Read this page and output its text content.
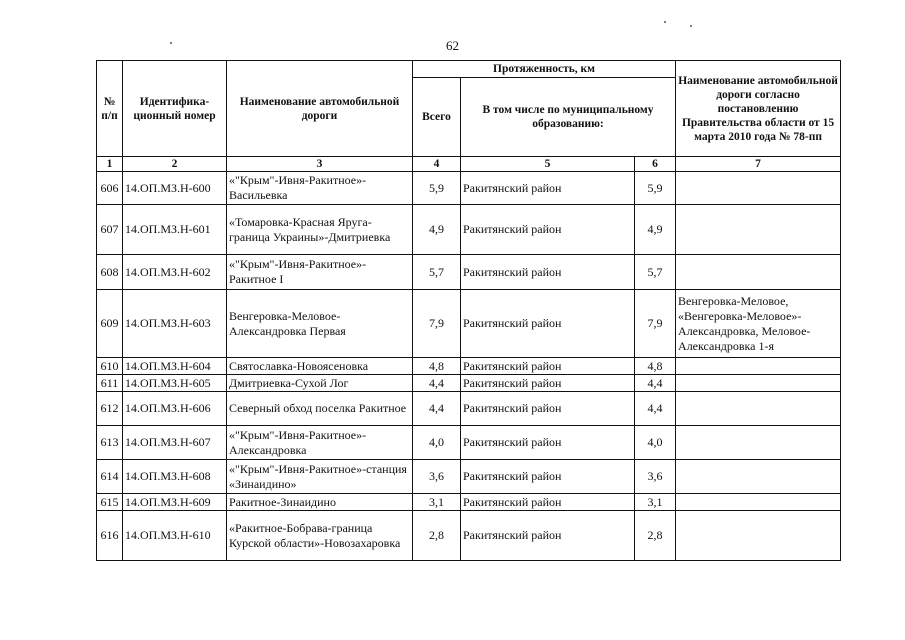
62
№ п/п	Идентифика-ционный номер	Наименование автомобильной дороги	Протяженность, км			Наименование автомобильной дороги согласно постановлению Правительства области от 15 марта 2010 года № 78-пп
			Всего	В том числе по муниципальному образованию:		
1	2	3	4	5	6	7
606	14.ОП.МЗ.Н-600	«"Крым"-Ивня-Ракитное»-Васильевка	5,9	Ракитянский район	5,9	
607	14.ОП.МЗ.Н-601	«Томаровка-Красная Яруга-граница Украины»-Дмитриевка	4,9	Ракитянский район	4,9	
608	14.ОП.МЗ.Н-602	«"Крым"-Ивня-Ракитное»-Ракитное I	5,7	Ракитянский район	5,7	
609	14.ОП.МЗ.Н-603	Венгеровка-Меловое-Александровка Первая	7,9	Ракитянский район	7,9	Венгеровка-Меловое, «Венгеровка-Меловое»-Александровка, Меловое-Александровка 1-я
610	14.ОП.МЗ.Н-604	Святославка-Новоясеновка	4,8	Ракитянский район	4,8	
611	14.ОП.МЗ.Н-605	Дмитриевка-Сухой Лог	4,4	Ракитянский район	4,4	
612	14.ОП.МЗ.Н-606	Северный обход поселка Ракитное	4,4	Ракитянский район	4,4	
613	14.ОП.МЗ.Н-607	«"Крым"-Ивня-Ракитное»-Александровка	4,0	Ракитянский район	4,0	
614	14.ОП.МЗ.Н-608	«"Крым"-Ивня-Ракитное»-станция «Зинаидино»	3,6	Ракитянский район	3,6	
615	14.ОП.МЗ.Н-609	Ракитное-Зинаидино	3,1	Ракитянский район	3,1	
616	14.ОП.МЗ.Н-610	«Ракитное-Бобрава-граница Курской области»-Новозахаровка	2,8	Ракитянский район	2,8	
